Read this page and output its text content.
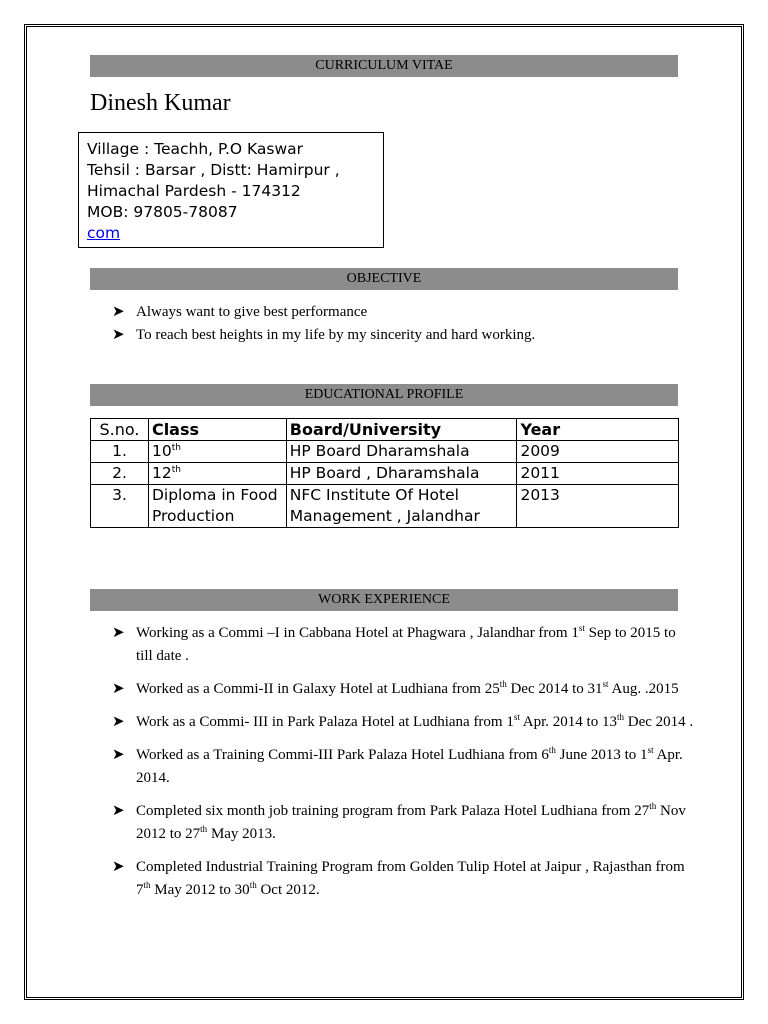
CURRICULUM VITAE
Dinesh Kumar
Village : Teachh, P.O Kaswar
Tehsil : Barsar , Distt: Hamirpur ,
Himachal Pardesh - 174312
MOB: 97805-78087
com
OBJECTIVE
➤ Always want to give best performance
➤ To reach best heights in my life by my sincerity and hard working.
EDUCATIONAL PROFILE
S.no.	Class	Board/University	Year
1.	10th	HP Board Dharamshala	2009
2.	12th	HP Board , Dharamshala	2011
3.	Diploma in Food Production	NFC Institute Of Hotel Management , Jalandhar	2013
WORK EXPERIENCE
➤ Working as a Commi –I in Cabbana Hotel at Phagwara , Jalandhar from 1st Sep to 2015 to till date .
➤ Worked as a Commi-II in Galaxy Hotel at Ludhiana from 25th Dec 2014 to 31st Aug. .2015
➤ Work as a Commi- III in Park Palaza Hotel at Ludhiana from 1st Apr. 2014 to 13th Dec 2014 .
➤ Worked as a Training Commi-III Park Palaza Hotel Ludhiana from 6th June 2013 to 1st Apr. 2014.
➤ Completed six month job training program from Park Palaza Hotel Ludhiana from 27th Nov 2012 to 27th May 2013.
➤ Completed Industrial Training Program from Golden Tulip Hotel at Jaipur , Rajasthan from 7th May 2012 to 30th Oct 2012.
